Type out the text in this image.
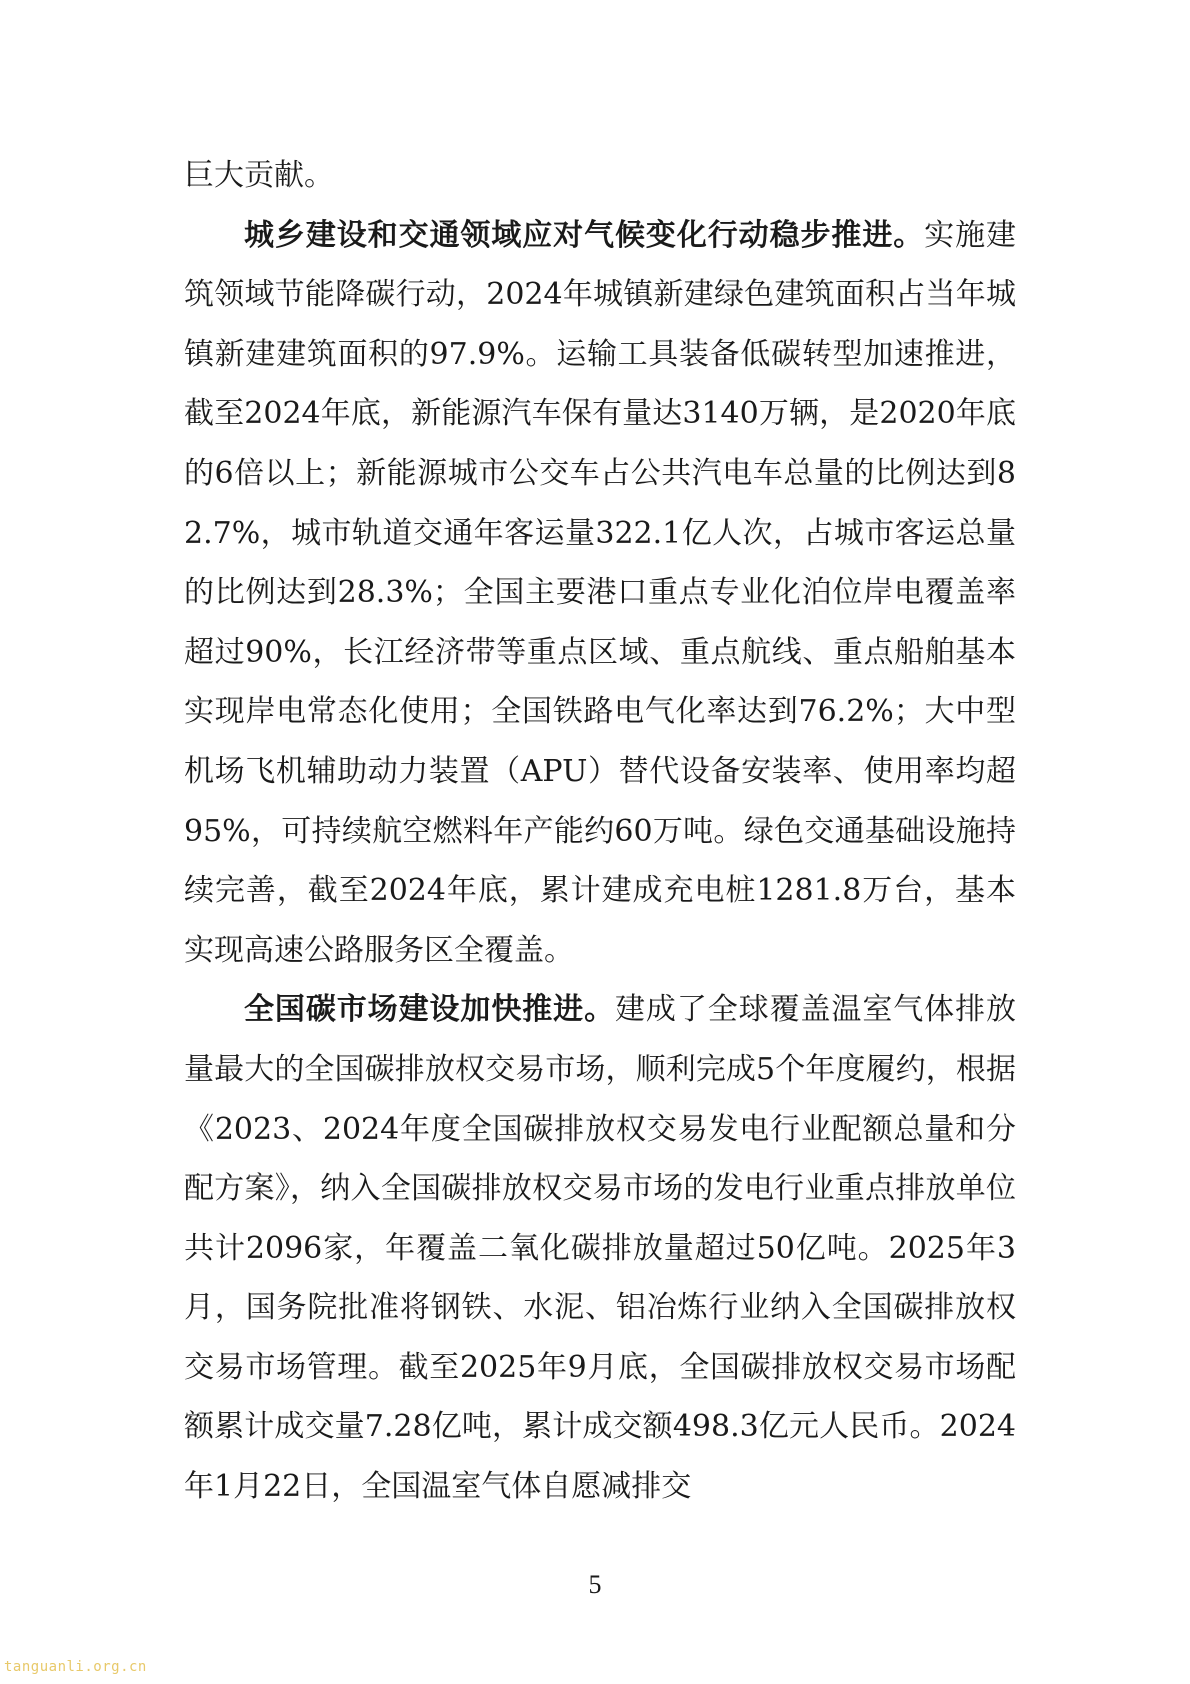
巨大贡献。

城乡建设和交通领域应对气候变化行动稳步推进。实施建筑领域节能降碳行动，2024年城镇新建绿色建筑面积占当年城镇新建建筑面积的97.9%。运输工具装备低碳转型加速推进，截至2024年底，新能源汽车保有量达3140万辆，是2020年底的6倍以上；新能源城市公交车占公共汽电车总量的比例达到82.7%，城市轨道交通年客运量322.1亿人次，占城市客运总量的比例达到28.3%；全国主要港口重点专业化泊位岸电覆盖率超过90%，长江经济带等重点区域、重点航线、重点船舶基本实现岸电常态化使用；全国铁路电气化率达到76.2%；大中型机场飞机辅助动力装置（APU）替代设备安装率、使用率均超95%，可持续航空燃料年产能约60万吨。绿色交通基础设施持续完善，截至2024年底，累计建成充电桩1281.8万台，基本实现高速公路服务区全覆盖。

全国碳市场建设加快推进。建成了全球覆盖温室气体排放量最大的全国碳排放权交易市场，顺利完成5个年度履约，根据《2023、2024年度全国碳排放权交易发电行业配额总量和分配方案》，纳入全国碳排放权交易市场的发电行业重点排放单位共计2096家，年覆盖二氧化碳排放量超过50亿吨。2025年3月，国务院批准将钢铁、水泥、铝冶炼行业纳入全国碳排放权交易市场管理。截至2025年9月底，全国碳排放权交易市场配额累计成交量7.28亿吨，累计成交额498.3亿元人民币。2024年1月22日，全国温室气体自愿减排交

5
tanguanli.org.cn
